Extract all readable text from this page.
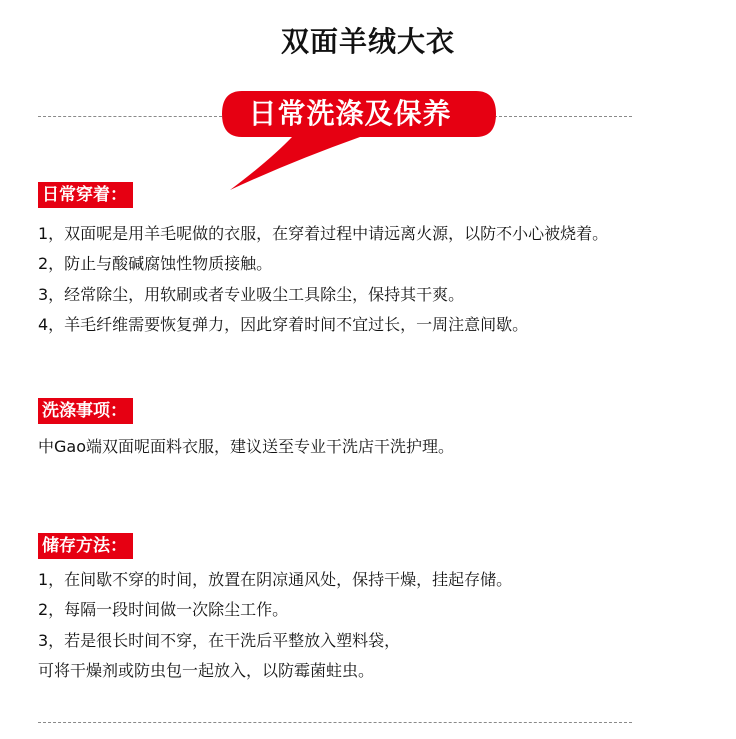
双面羊绒大衣
日常洗涤及保养
日常穿着：
1，双面呢是用羊毛呢做的衣服，在穿着过程中请远离火源，以防不小心被烧着。
2，防止与酸碱腐蚀性物质接触。
3，经常除尘，用软刷或者专业吸尘工具除尘，保持其干爽。
4，羊毛纤维需要恢复弹力，因此穿着时间不宜过长，一周注意间歇。
洗涤事项：
中Gao端双面呢面料衣服，建议送至专业干洗店干洗护理。
储存方法：
1，在间歇不穿的时间，放置在阴凉通风处，保持干燥，挂起存储。
2，每隔一段时间做一次除尘工作。
3，若是很长时间不穿，在干洗后平整放入塑料袋，
可将干燥剂或防虫包一起放入，以防霉菌蛀虫。
